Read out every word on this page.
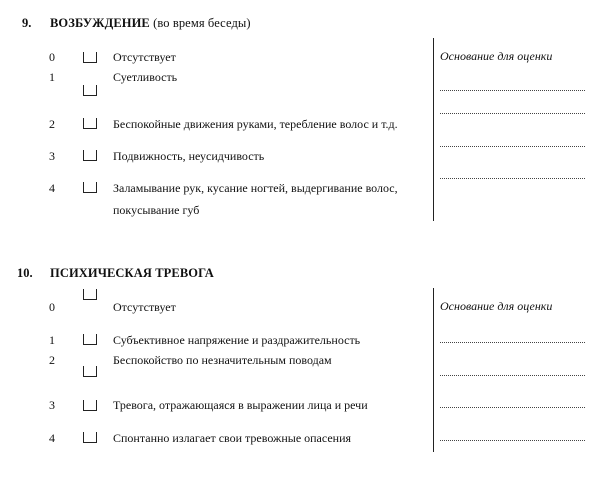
9. ВОЗБУЖДЕНИЕ (во время беседы)
Основание для оценки
0	Отсутствует
1	Суетливость
2	Беспокойные движения руками, теребление волос и т.д.
3	Подвижность, неусидчивость
4	Заламывание рук, кусание ногтей, выдергивание волос,
покусывание губ
10. ПСИХИЧЕСКАЯ ТРЕВОГА
Основание для оценки
0	Отсутствует
1	Субъективное напряжение и раздражительность
2	Беспокойство по незначительным поводам
3	Тревога, отражающаяся в выражении лица и речи
4	Спонтанно излагает свои тревожные опасения
